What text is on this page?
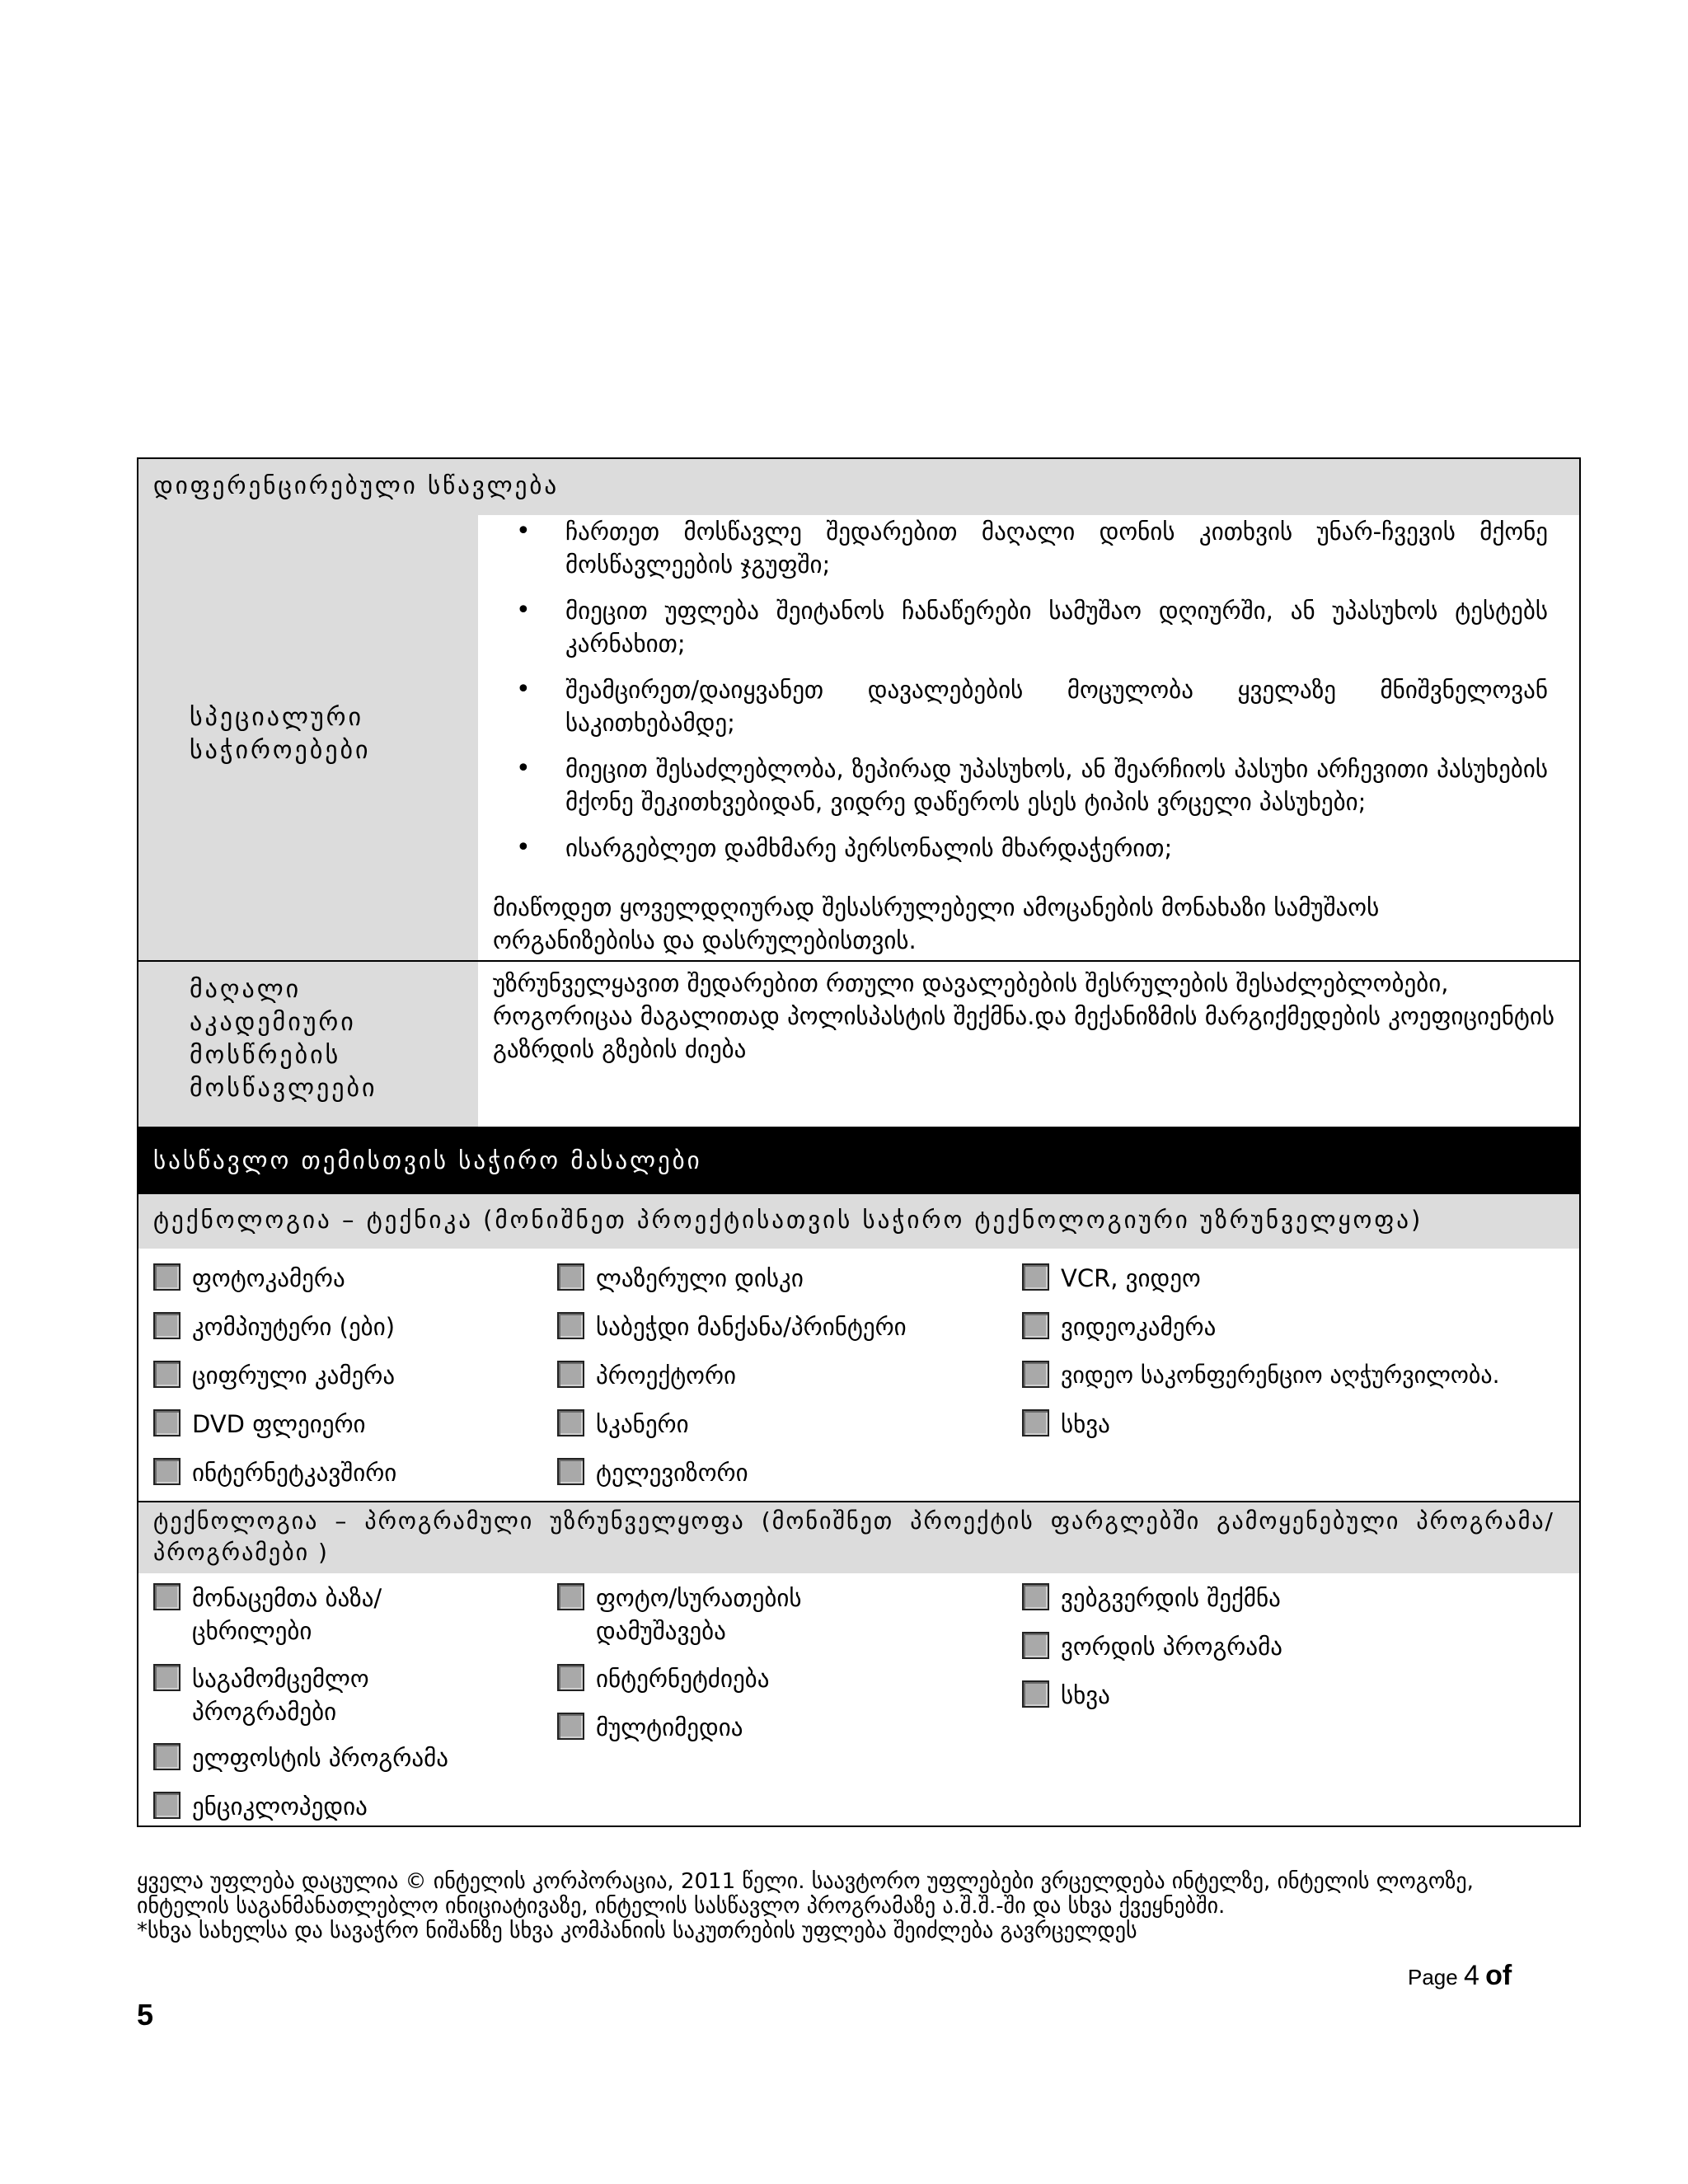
დიფერენცირებული სწავლება
სპეციალური საჭიროებები
• ჩართეთ მოსწავლე შედარებით მაღალი დონის კითხვის უნარ-ჩვევის მქონე მოსწავლეების ჯგუფში;
• მიეცით უფლება შეიტანოს ჩანაწერები სამუშაო დღიურში, ან უპასუხოს ტესტებს კარნახით;
• შეამცირეთ/დაიყვანეთ დავალებების მოცულობა ყველაზე მნიშვნელოვან საკითხებამდე;
• მიეცით შესაძლებლობა, ზეპირად უპასუხოს, ან შეარჩიოს პასუხი არჩევითი პასუხების მქონე შეკითხვებიდან, ვიდრე დაწეროს ესეს ტიპის ვრცელი პასუხები;
• ისარგებლეთ დამხმარე პერსონალის მხარდაჭერით;
მიაწოდეთ ყოველდღიურად შესასრულებელი ამოცანების მონახაზი სამუშაოს ორგანიზებისა და დასრულებისთვის.
მაღალი აკადემიური მოსწრების მოსწავლეები
უზრუნველყავით შედარებით რთული დავალებების შესრულების შესაძლებლობები, როგორიცაა მაგალითად პოლისპასტის შექმნა.და მექანიზმის მარგიქმედების კოეფიციენტის გაზრდის გზების ძიება
სასწავლო თემისთვის საჭირო მასალები
ტექნოლოგია – ტექნიკა (მონიშნეთ პროექტისათვის საჭირო ტექნოლოგიური უზრუნველყოფა)
ფოტოკამერა
კომპიუტერი (ები)
ციფრული კამერა
DVD ფლეიერი
ინტერნეტკავშირი
ლაზერული დისკი
საბეჭდი მანქანა/პრინტერი
პროექტორი
სკანერი
ტელევიზორი
VCR, ვიდეო
ვიდეოკამერა
ვიდეო საკონფერენციო აღჭურვილობა.
სხვა
ტექნოლოგია – პროგრამული უზრუნველყოფა (მონიშნეთ პროექტის ფარგლებში გამოყენებული პროგრამა/პროგრამები )
მონაცემთა ბაზა/ცხრილები
საგამომცემლო პროგრამები
ელფოსტის პროგრამა
ენციკლოპედია
ფოტო/სურათების დამუშავება
ინტერნეტძიება
მულტიმედია
ვებგვერდის შექმნა
ვორდის პროგრამა
სხვა
ყველა უფლება დაცულია © ინტელის კორპორაცია, 2011 წელი. საავტორო უფლებები ვრცელდება ინტელზე, ინტელის ლოგოზე, ინტელის საგანმანათლებლო ინიციატივაზე, ინტელის სასწავლო პროგრამაზე ა.შ.შ.-ში და სხვა ქვეყნებში.
*სხვა სახელსა და სავაჭრო ნიშანზე სხვა კომპანიის საკუთრების უფლება შეიძლება გავრცელდეს
Page 4 of
5
